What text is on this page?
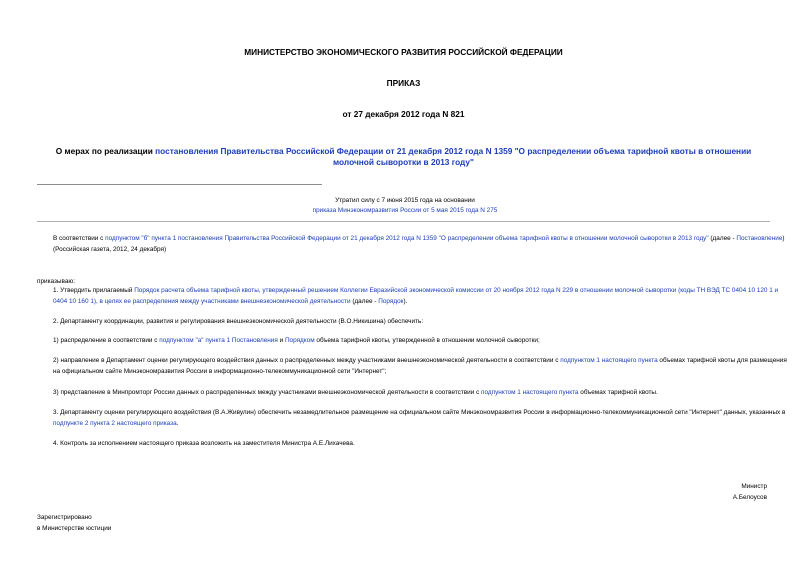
МИНИСТЕРСТВО ЭКОНОМИЧЕСКОГО РАЗВИТИЯ РОССИЙСКОЙ ФЕДЕРАЦИИ
ПРИКАЗ
от 27 декабря 2012 года N 821
О мерах по реализации постановления Правительства Российской Федерации от 21 декабря 2012 года N 1359 "О распределении объема тарифной квоты в отношении молочной сыворотки в 2013 году"
Утратил силу с 7 июня 2015 года на основании
приказа Минэкономразвития России от 5 мая 2015 года N 275
В соответствии с подпунктом "б" пункта 1 постановления Правительства Российской Федерации от 21 декабря 2012 года N 1359 "О распределении объема тарифной квоты в отношении молочной сыворотки в 2013 году" (далее - Постановление) (Российская газета, 2012, 24 декабря)
приказываю:
1. Утвердить прилагаемый Порядок расчета объема тарифной квоты, утвержденный решением Коллегии Евразийской экономической комиссии от 20 ноября 2012 года N 229 в отношении молочной сыворотки (коды ТН ВЭД ТС 0404 10 120 1 и 0404 10 160 1), в целях ее распределения между участниками внешнеэкономической деятельности (далее - Порядок).
2. Департаменту координации, развития и регулирования внешнеэкономической деятельности (В.О.Никишина) обеспечить:
1) распределение в соответствии с подпунктом "а" пункта 1 Постановления и Порядком объема тарифной квоты, утвержденной в отношении молочной сыворотки;
2) направление в Департамент оценки регулирующего воздействия данных о распределенных между участниками внешнеэкономической деятельности в соответствии с подпунктом 1 настоящего пункта объемах тарифной квоты для размещения на официальном сайте Минэкономразвития России в информационно-телекоммуникационной сети "Интернет";
3) представление в Минпромторг России данных о распределенных между участниками внешнеэкономической деятельности в соответствии с подпунктом 1 настоящего пункта объемах тарифной квоты.
3. Департаменту оценки регулирующего воздействия (В.А.Живулин) обеспечить незамедлительное размещение на официальном сайте Минэкономразвития России в информационно-телекоммуникационной сети "Интернет" данных, указанных в подпункте 2 пункта 2 настоящего приказа.
4. Контроль за исполнением настоящего приказа возложить на заместителя Министра А.Е.Лихачева.
Министр
А.Белоусов
Зарегистрировано
в Министерстве юстиции
